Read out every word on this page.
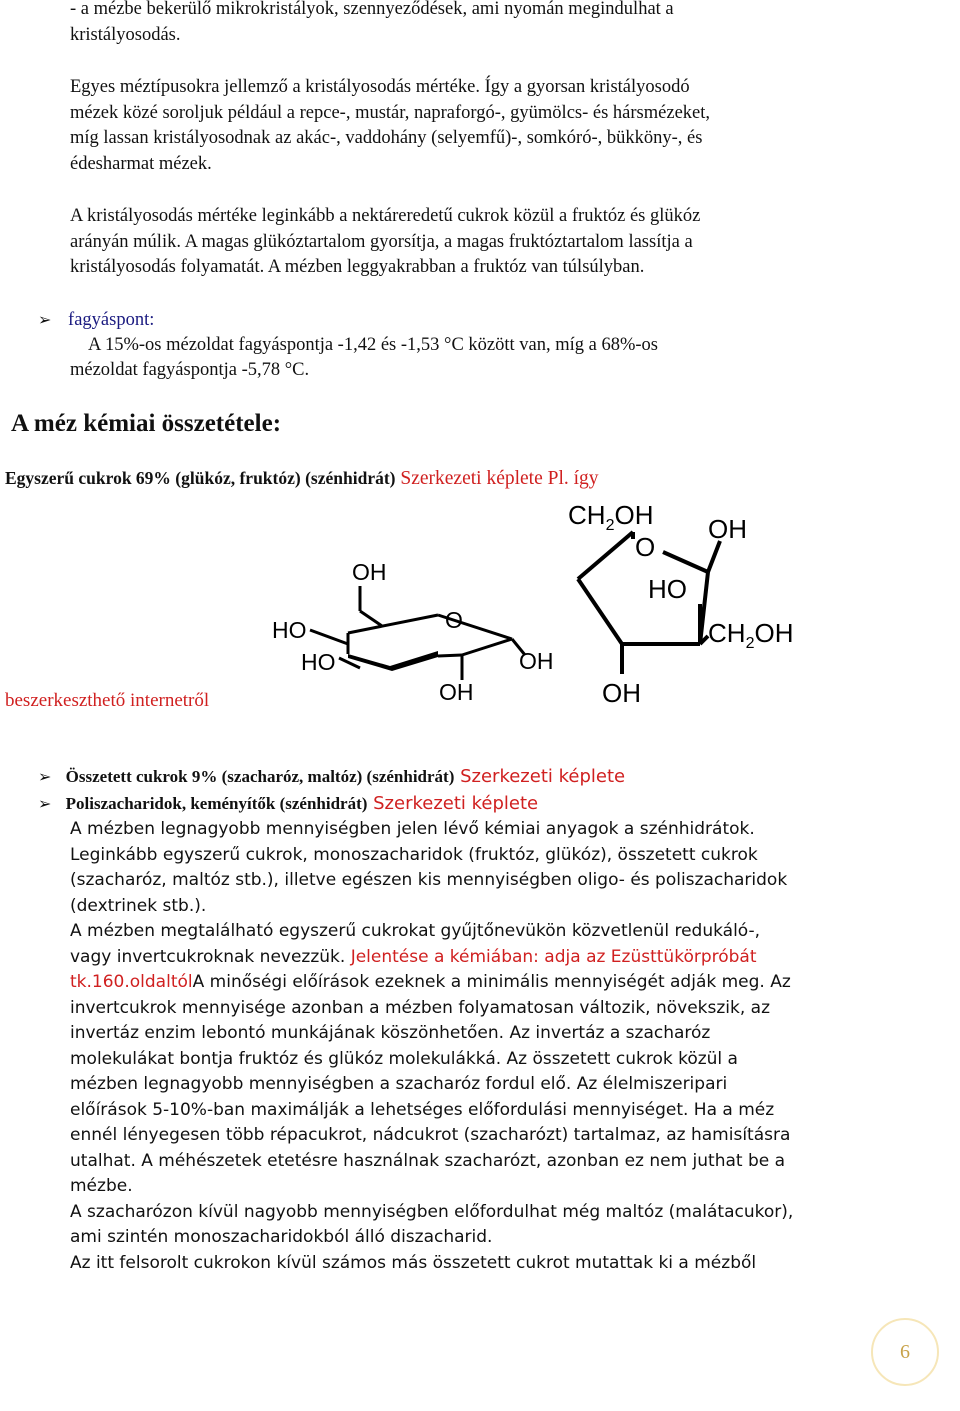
- a mézbe bekerülő mikrokristályok, szennyeződések, ami nyomán megindulhat a
kristályosodás.
Egyes méztípusokra jellemző a kristályosodás mértéke. Így a gyorsan kristályosodó
mézek közé soroljuk például a repce-, mustár, napraforgó-, gyümölcs- és hársmézeket,
míg lassan kristályosodnak az akác-, vaddohány (selyemfű)-, somkóró-, bükköny-, és
édesharmat mézek.
A kristályosodás mértéke leginkább a nektáreredetű cukrok közül a fruktóz és glükóz
arányán múlik. A magas glükóztartalom gyorsítja, a magas fruktóztartalom lassítja a
kristályosodás folyamatát. A mézben leggyakrabban a fruktóz van túlsúlyban.
➢ fagyáspont:
A 15%-os mézoldat fagyáspontja -1,42 és -1,53 °C között van, míg a 68%-os
mézoldat fagyáspontja -5,78 °C.
A méz kémiai összetétele:
Egyszerű cukrok 69% (glükóz, fruktóz) (szénhidrát) Szerkezeti képlete Pl. így
beszerkeszthető internetről
OH
HO	O
HO	OH
OH
$CH_2OH$
O
OH
HO
$CH_2OH$
OH
➢ Összetett cukrok 9% (szacharóz, maltóz) (szénhidrát) Szerkezeti képlete
➢ Poliszacharidok, keményítők (szénhidrát) Szerkezeti képlete
A mézben legnagyobb mennyiségben jelen lévő kémiai anyagok a szénhidrátok.
Leginkább egyszerű cukrok, monoszacharidok (fruktóz, glükóz), összetett cukrok
(szacharóz, maltóz stb.), illetve egészen kis mennyiségben oligo- és poliszacharidok
(dextrinek stb.).
A mézben megtalálható egyszerű cukrokat gyűjtőnevükön közvetlenül redukáló-,
vagy invertcukroknak nevezzük. Jelentése a kémiában: adja az Ezüsttükörpróbát
tk.160.oldaltólA minőségi előírások ezeknek a minimális mennyiségét adják meg. Az
invertcukrok mennyisége azonban a mézben folyamatosan változik, növekszik, az
invertáz enzim lebontó munkájának köszönhetően. Az invertáz a szacharóz
molekulákat bontja fruktóz és glükóz molekulákká. Az összetett cukrok közül a
mézben legnagyobb mennyiségben a szacharóz fordul elő. Az élelmiszeripari
előírások 5-10%-ban maximálják a lehetséges előfordulási mennyiséget. Ha a méz
ennél lényegesen több répacukrot, nádcukrot (szacharózt) tartalmaz, az hamisításra
utalhat. A méhészetek etetésre használnak szacharózt, azonban ez nem juthat be a
mézbe.
A szacharózon kívül nagyobb mennyiségben előfordulhat még maltóz (malátacukor),
ami szintén monoszacharidokból álló diszacharid.
Az itt felsorolt cukrokon kívül számos más összetett cukrot mutattak ki a mézből
6
